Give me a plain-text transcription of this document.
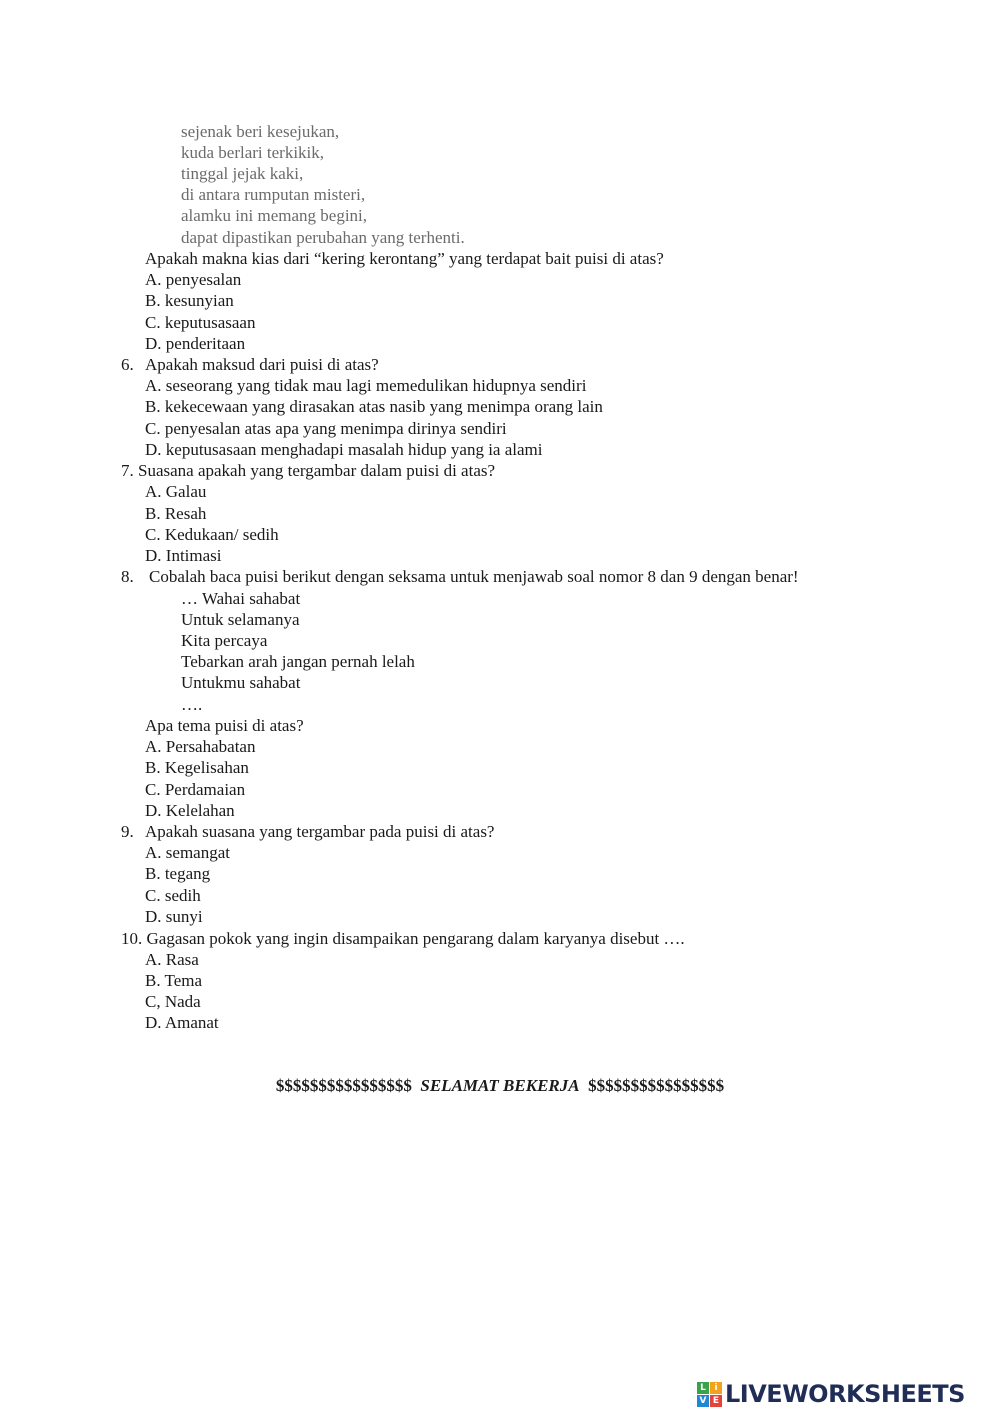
sejenak beri kesejukan,
kuda berlari terkikik,
tinggal jejak kaki,
di antara rumputan misteri,
alamku ini memang begini,
dapat dipastikan perubahan yang terhenti.
Apakah makna kias dari “kering kerontang” yang terdapat bait puisi di atas?
A. penyesalan
B. kesunyian
C. keputusasaan
D. penderitaan
6. Apakah maksud dari puisi di atas?
A. seseorang yang tidak mau lagi memedulikan hidupnya sendiri
B. kekecewaan yang dirasakan atas nasib yang menimpa orang lain
C. penyesalan atas apa yang menimpa dirinya sendiri
D. keputusasaan menghadapi masalah hidup yang ia alami
7. Suasana apakah yang tergambar dalam puisi di atas?
A. Galau
B. Resah
C. Kedukaan/ sedih
D. Intimasi
8. Cobalah baca puisi berikut dengan seksama untuk menjawab soal nomor 8 dan 9 dengan benar!
… Wahai sahabat
Untuk selamanya
Kita percaya
Tebarkan arah jangan pernah lelah
Untukmu sahabat
….
Apa tema puisi di atas?
A. Persahabatan
B. Kegelisahan
C. Perdamaian
D. Kelelahan
9. Apakah suasana yang tergambar pada puisi di atas?
A. semangat
B. tegang
C. sedih
D. sunyi
10. Gagasan pokok yang ingin disampaikan pengarang dalam karyanya disebut ….
A. Rasa
B. Tema
C, Nada
D. Amanat
$$$$$$$$$$$$$$$$ SELAMAT BEKERJA $$$$$$$$$$$$$$$$
L i
V E LIVEWORKSHEETS
